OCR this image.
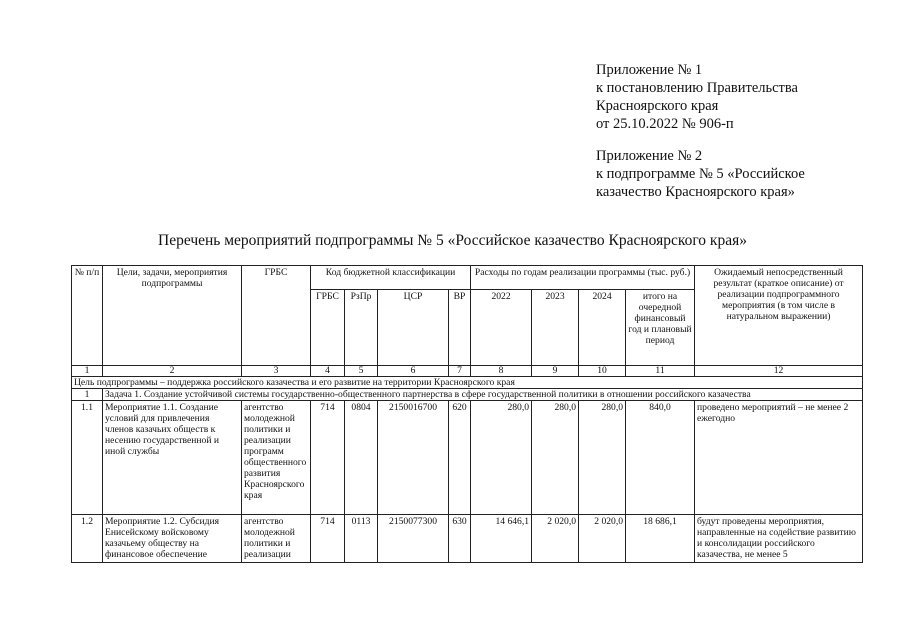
Приложение № 1
к постановлению Правительства
Красноярского края
от 25.10.2022 № 906-п
Приложение № 2
к подпрограмме № 5 «Российское
казачество Красноярского края»
Перечень мероприятий подпрограммы № 5 «Российское казачество Красноярского края»
№ п/п	Цели, задачи, мероприятия подпрограммы	ГРБС	Код бюджетной классификации				Расходы по годам реализации программы (тыс. руб.)				Ожидаемый непосредственный результат (краткое описание) от реализации подпрограммного мероприятия (в том числе в натуральном выражении)
			ГРБС	РзПр	ЦСР	ВР	2022	2023	2024	итого на очередной финансовый год и плановый период	
1	2	3	4	5	6	7	8	9	10	11	12
Цель подпрограммы – поддержка российского казачества и его развитие на территории Красноярского края											
1	Задача 1. Создание устойчивой системы государственно-общественного партнерства в сфере государственной политики в отношении российского казачества										
1.1	Мероприятие 1.1. Создание условий для привлечения членов казачьих обществ к несению государственной и иной службы	агентство молодежной политики и реализации программ общественного развития Красноярского края	714	0804	2150016700	620	280,0	280,0	280,0	840,0	проведено мероприятий – не менее 2 ежегодно
1.2	Мероприятие 1.2. Субсидия Енисейскому войсковому казачьему обществу на финансовое обеспечение	агентство молодежной политики и реализации	714	0113	2150077300	630	14 646,1	2 020,0	2 020,0	18 686,1	будут проведены мероприятия, направленные на содействие развитию и консолидации российского казачества, не менее 5
